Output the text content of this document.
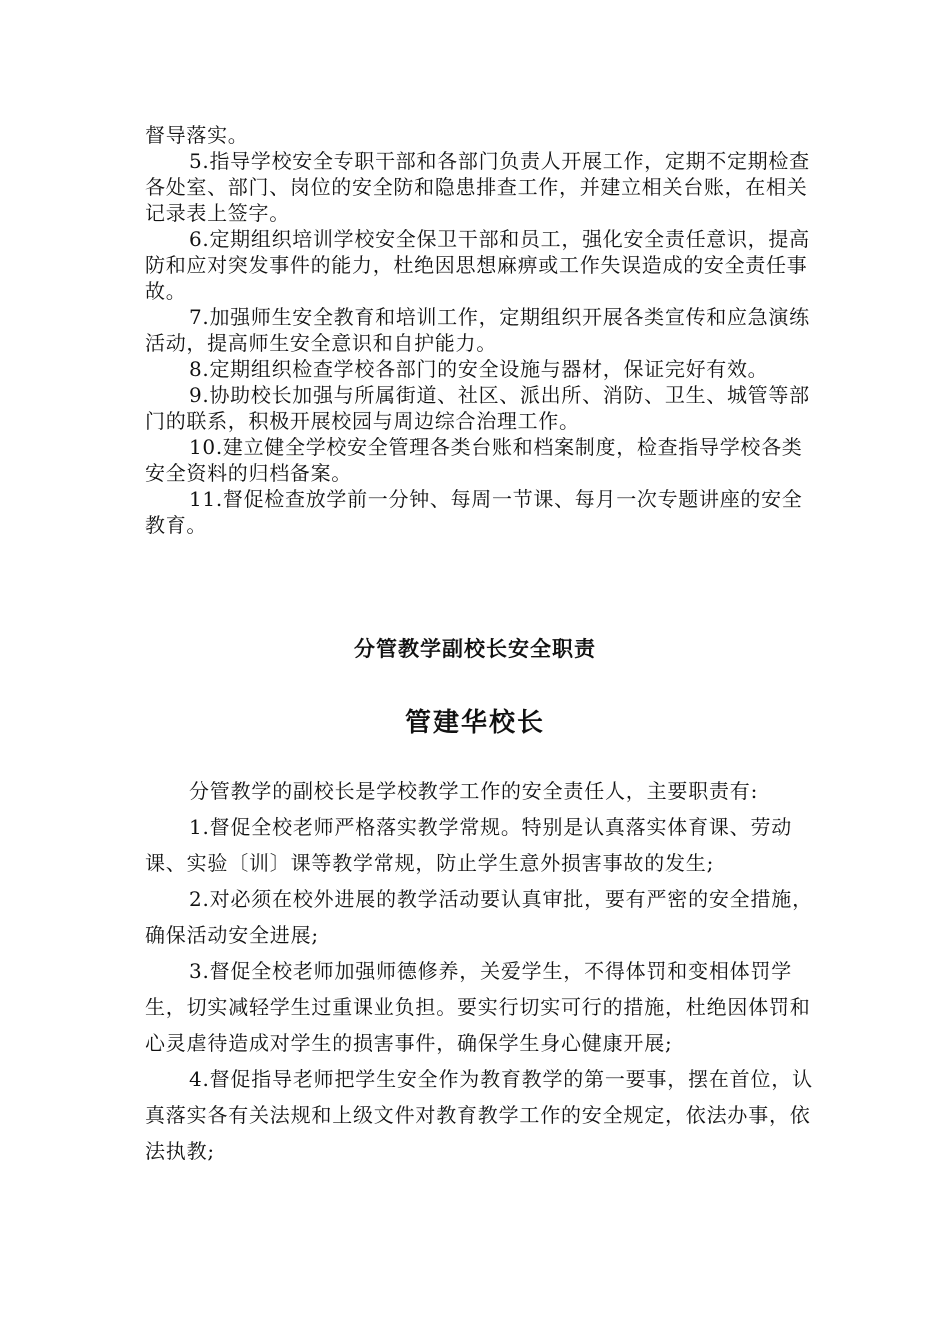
督导落实。

5.指导学校安全专职干部和各部门负责人开展工作，定期不定期检查各处室、部门、岗位的安全防和隐患排查工作，并建立相关台账，在相关记录表上签字。

6.定期组织培训学校安全保卫干部和员工，强化安全责任意识，提高防和应对突发事件的能力，杜绝因思想麻痹或工作失误造成的安全责任事故。

7.加强师生安全教育和培训工作，定期组织开展各类宣传和应急演练活动，提高师生安全意识和自护能力。

8.定期组织检查学校各部门的安全设施与器材，保证完好有效。

9.协助校长加强与所属街道、社区、派出所、消防、卫生、城管等部门的联系，积极开展校园与周边综合治理工作。

10.建立健全学校安全管理各类台账和档案制度，检查指导学校各类安全资料的归档备案。

11.督促检查放学前一分钟、每周一节课、每月一次专题讲座的安全教育。

分管教学副校长安全职责
管建华校长

分管教学的副校长是学校教学工作的安全责任人，主要职责有:

1.督促全校老师严格落实教学常规。特别是认真落实体育课、劳动课、实验〔训〕课等教学常规，防止学生意外损害事故的发生;

2.对必须在校外进展的教学活动要认真审批，要有严密的安全措施，确保活动安全进展;

3.督促全校老师加强师德修养，关爱学生，不得体罚和变相体罚学生，切实减轻学生过重课业负担。要实行切实可行的措施，杜绝因体罚和心灵虐待造成对学生的损害事件，确保学生身心健康开展;

4.督促指导老师把学生安全作为教育教学的第一要事，摆在首位，认真落实各有关法规和上级文件对教育教学工作的安全规定，依法办事，依法执教;
